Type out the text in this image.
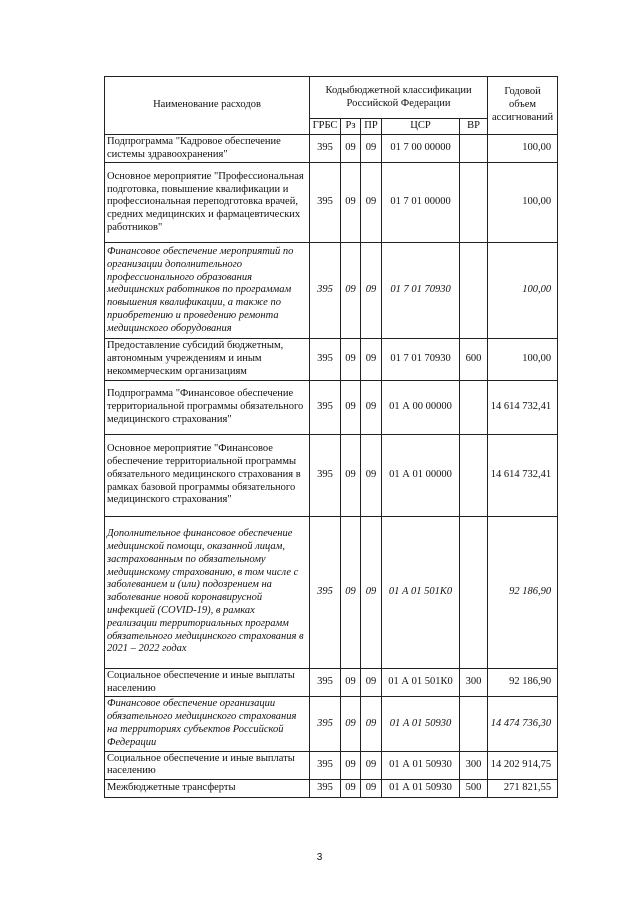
Наименование расходов	Кодыбюджетной классификации Российской Федерации					Годовой объем ассигнований
	ГРБС	Рз	ПР	ЦСР	ВР	
Подпрограмма "Кадровое обеспечение системы здравоохранения"	395	09	09	01 7 00 00000		100,00
Основное мероприятие "Профессиональная подготовка, повышение квалификации и профессиональная переподготовка врачей, средних медицинских и фармацевтических работников"	395	09	09	01 7 01 00000		100,00
Финансовое обеспечение мероприятий по организации дополнительного профессионального образования медицинских работников по программам повышения квалификации, а также по приобретению и проведению ремонта медицинского оборудования	395	09	09	01 7 01 70930		100,00
Предоставление субсидий бюджетным, автономным учреждениям и иным некоммерческим организациям	395	09	09	01 7 01 70930	600	100,00
Подпрограмма "Финансовое обеспечение территориальной программы обязательного медицинского страхования"	395	09	09	01 А 00 00000		14 614 732,41
Основное мероприятие "Финансовое обеспечение территориальной программы обязательного медицинского страхования в рамках базовой программы обязательного медицинского страхования"	395	09	09	01 А 01 00000		14 614 732,41
Дополнительное финансовое обеспечение медицинской помощи, оказанной лицам, застрахованным по обязательному медицинскому страхованию, в том числе с заболеванием и (или) подозрением на заболевание новой коронавирусной инфекцией (COVID-19), в рамках реализации территориальных программ обязательного медицинского страхования в 2021 – 2022 годах	395	09	09	01 А 01 501К0		92 186,90
Социальное обеспечение и иные выплаты населению	395	09	09	01 А 01 501К0	300	92 186,90
Финансовое обеспечение организации обязательного медицинского страхования на территориях субъектов Российской Федерации	395	09	09	01 А 01 50930		14 474 736,30
Социальное обеспечение и иные выплаты населению	395	09	09	01 А 01 50930	300	14 202 914,75
Межбюджетные трансферты	395	09	09	01 А 01 50930	500	271 821,55
3
